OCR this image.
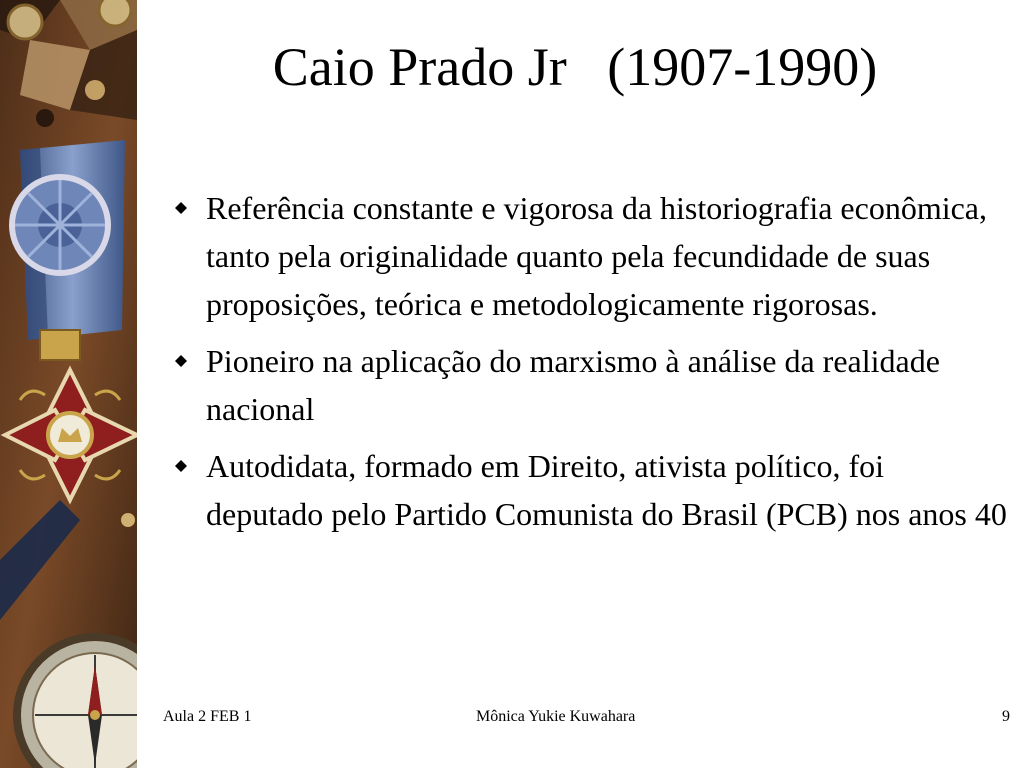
Caio Prado Jr   (1907-1990)
Referência constante e vigorosa da historiografia econômica, tanto pela originalidade quanto pela fecundidade de suas proposições, teórica e metodologicamente rigorosas.
Pioneiro na aplicação do marxismo à análise da realidade nacional
Autodidata, formado em Direito, ativista político, foi deputado pelo Partido Comunista do Brasil (PCB) nos anos 40
Aula 2 FEB 1	Mônica Yukie Kuwahara	9
